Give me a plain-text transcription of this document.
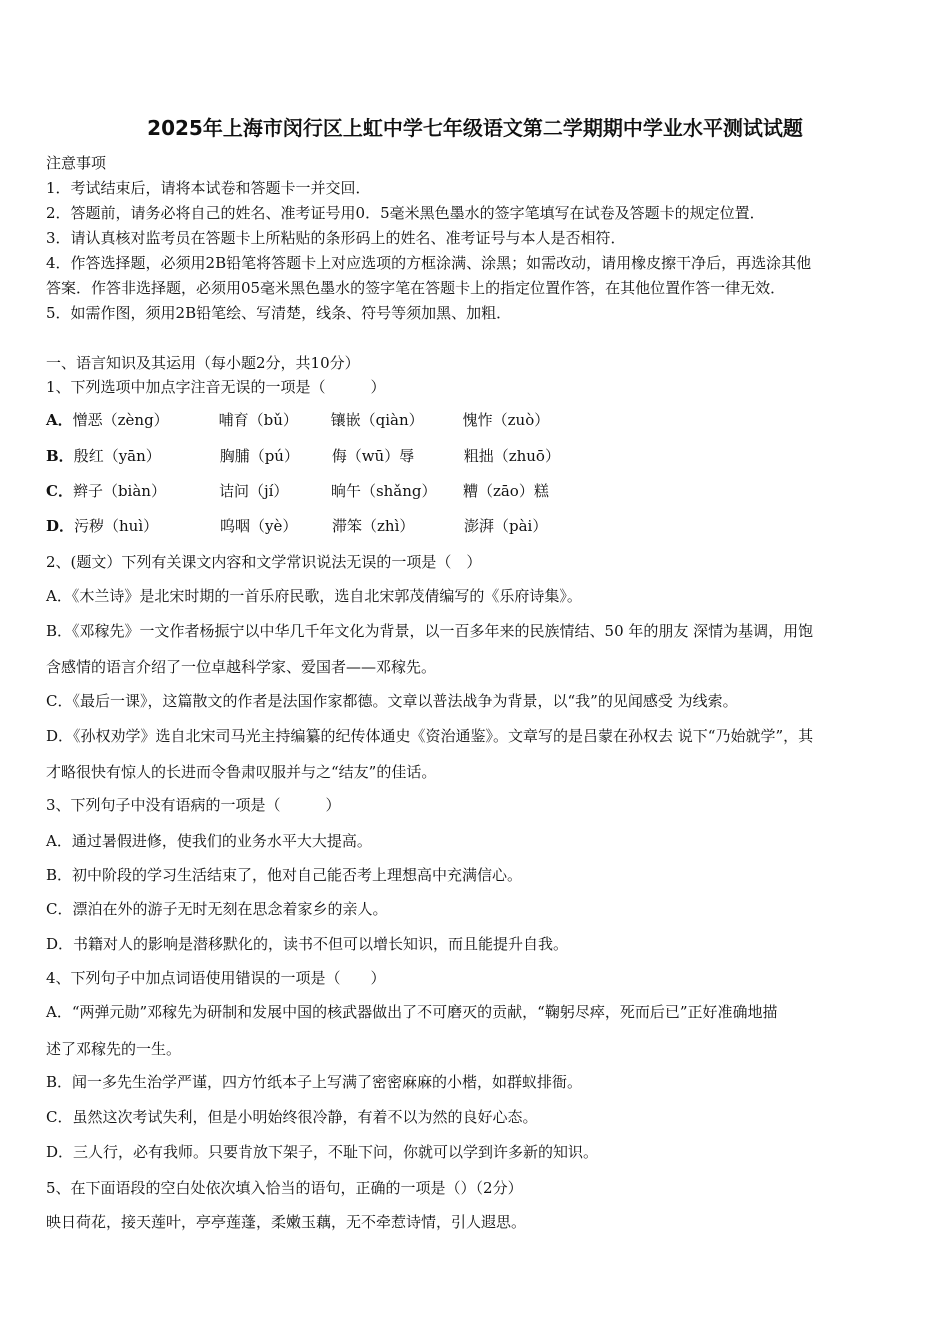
2025年上海市闵行区上虹中学七年级语文第二学期期中学业水平测试试题
注意事项
1．考试结束后，请将本试卷和答题卡一并交回．
2．答题前，请务必将自己的姓名、准考证号用0．5毫米黑色墨水的签字笔填写在试卷及答题卡的规定位置．
3．请认真核对监考员在答题卡上所粘贴的条形码上的姓名、准考证号与本人是否相符．
4．作答选择题，必须用2B铅笔将答题卡上对应选项的方框涂满、涂黑；如需改动，请用橡皮擦干净后，再选涂其他
答案．作答非选择题，必须用05毫米黑色墨水的签字笔在答题卡上的指定位置作答，在其他位置作答一律无效．
5．如需作图，须用2B铅笔绘、写清楚，线条、符号等须加黑、加粗．
一、语言知识及其运用（每小题2分，共10分）
1、下列选项中加点字注音无误的一项是（　　　）
A．憎恶（zèng）	哺育（bǔ） 镶嵌（qiàn）	愧怍（zuò）
B．殷红（yān）	胸脯（pú） 侮（wū）辱	粗拙（zhuō）
C．辫子（biàn）	诘问（jí）	晌午（shǎng） 糟（zāo）糕
D．污秽（huì）	呜咽（yè） 滞笨（zhì）	澎湃（pài）
2、(题文）下列有关课文内容和文学常识说法无误的一项是（　）
A．《木兰诗》是北宋时期的一首乐府民歌，选自北宋郭茂倩编写的《乐府诗集》。
B．《邓稼先》一文作者杨振宁以中华几千年文化为背景，以一百多年来的民族情结、50 年的朋友 深情为基调，用饱
含感情的语言介绍了一位卓越科学家、爱国者——邓稼先。
C．《最后一课》，这篇散文的作者是法国作家都德。文章以普法战争为背景，以“我”的见闻感受 为线索。
D．《孙权劝学》选自北宋司马光主持编纂的纪传体通史《资治通鉴》。文章写的是吕蒙在孙权去 说下“乃始就学”，其
才略很快有惊人的长进而令鲁肃叹服并与之“结友”的佳话。
3、下列句子中没有语病的一项是（　　　）
A．通过暑假进修，使我们的业务水平大大提高。
B．初中阶段的学习生活结束了，他对自己能否考上理想高中充满信心。
C．漂泊在外的游子无时无刻在思念着家乡的亲人。
D．书籍对人的影响是潜移默化的，读书不但可以增长知识，而且能提升自我。
4、下列句子中加点词语使用错误的一项是（　　）
A．“两弹元勋”邓稼先为研制和发展中国的核武器做出了不可磨灭的贡献，“鞠躬尽瘁，死而后已”正好准确地描
述了邓稼先的一生。
B．闻一多先生治学严谨，四方竹纸本子上写满了密密麻麻的小楷，如群蚁排衙。
C．虽然这次考试失利，但是小明始终很冷静，有着不以为然的良好心态。
D．三人行，必有我师。只要肯放下架子，不耻下问，你就可以学到许多新的知识。
5、在下面语段的空白处依次填入恰当的语句，正确的一项是（）（2分）
映日荷花，接天莲叶，亭亭莲蓬，柔嫩玉藕，无不牵惹诗情，引人遐思。
